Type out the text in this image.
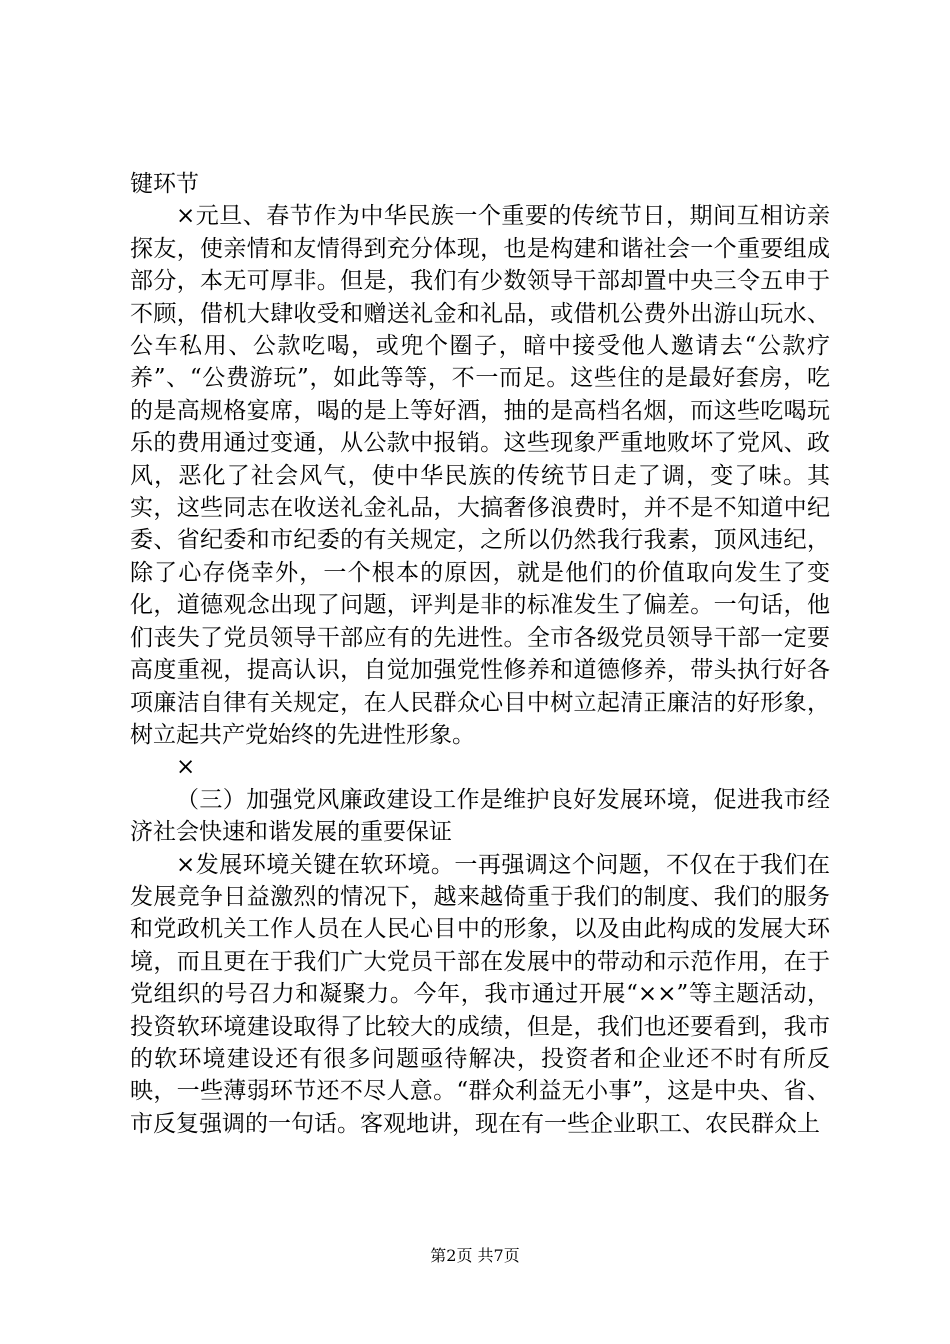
键环节

×元旦、春节作为中华民族一个重要的传统节日，期间互相访亲探友，使亲情和友情得到充分体现，也是构建和谐社会一个重要组成部分，本无可厚非。但是，我们有少数领导干部却置中央三令五申于不顾，借机大肆收受和赠送礼金和礼品，或借机公费外出游山玩水、公车私用、公款吃喝，或兜个圈子，暗中接受他人邀请去“公款疗养”、“公费游玩”，如此等等，不一而足。这些住的是最好套房，吃的是高规格宴席，喝的是上等好酒，抽的是高档名烟，而这些吃喝玩乐的费用通过变通，从公款中报销。这些现象严重地败坏了党风、政风，恶化了社会风气，使中华民族的传统节日走了调，变了味。其实，这些同志在收送礼金礼品，大搞奢侈浪费时，并不是不知道中纪委、省纪委和市纪委的有关规定，之所以仍然我行我素，顶风违纪，除了心存侥幸外，一个根本的原因，就是他们的价值取向发生了变化，道德观念出现了问题，评判是非的标准发生了偏差。一句话，他们丧失了党员领导干部应有的先进性。全市各级党员领导干部一定要高度重视，提高认识，自觉加强党性修养和道德修养，带头执行好各项廉洁自律有关规定，在人民群众心目中树立起清正廉洁的好形象，树立起共产党始终的先进性形象。

×

（三）加强党风廉政建设工作是维护良好发展环境，促进我市经济社会快速和谐发展的重要保证

×发展环境关键在软环境。一再强调这个问题，不仅在于我们在发展竞争日益激烈的情况下，越来越倚重于我们的制度、我们的服务和党政机关工作人员在人民心目中的形象，以及由此构成的发展大环境，而且更在于我们广大党员干部在发展中的带动和示范作用，在于党组织的号召力和凝聚力。今年，我市通过开展“××”等主题活动，投资软环境建设取得了比较大的成绩，但是，我们也还要看到，我市的软环境建设还有很多问题亟待解决，投资者和企业还不时有所反映，一些薄弱环节还不尽人意。“群众利益无小事”，这是中央、省、市反复强调的一句话。客观地讲，现在有一些企业职工、农民群众上

第2页 共7页
